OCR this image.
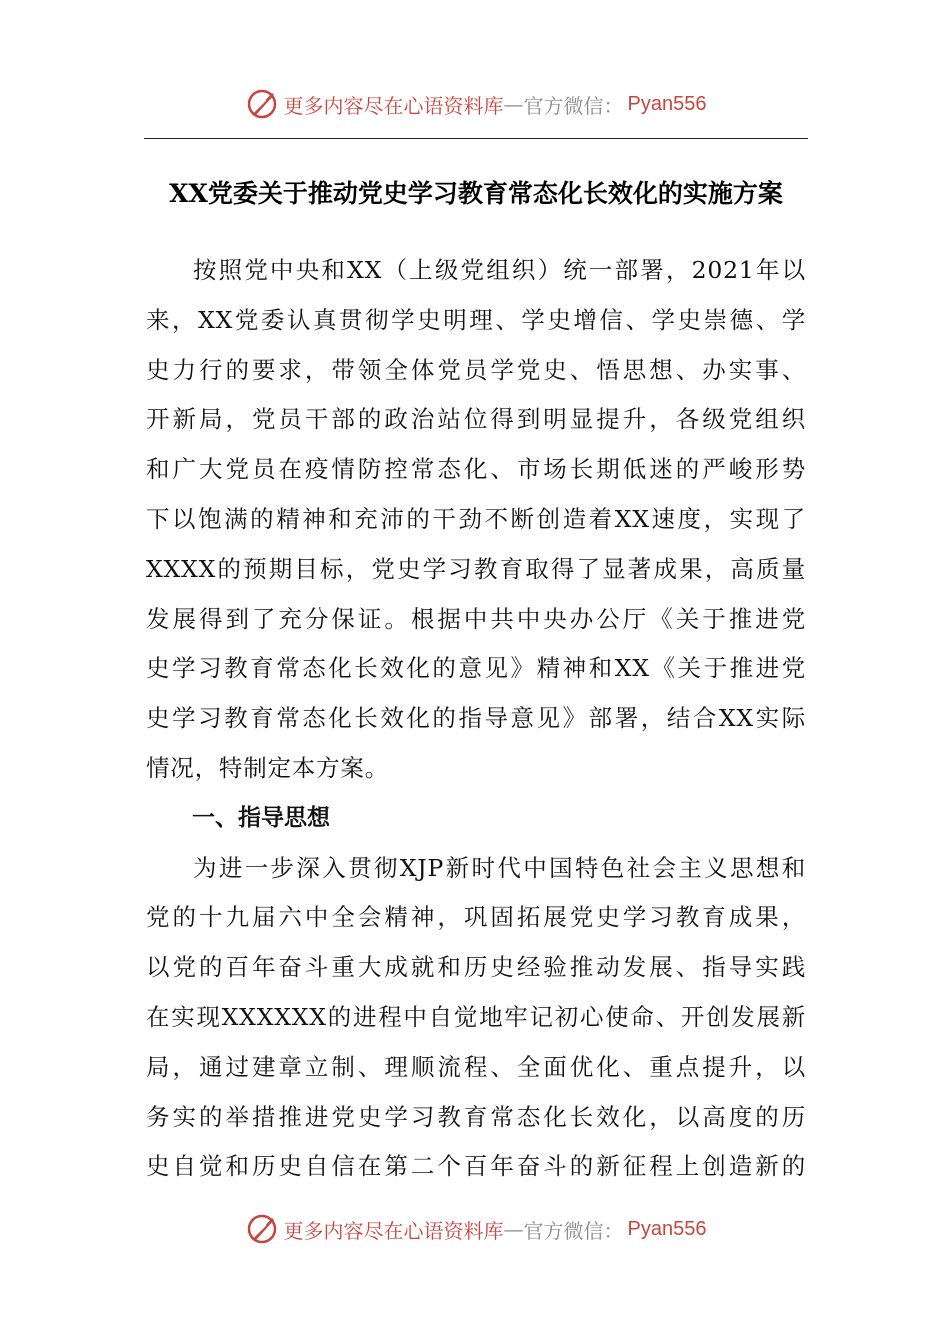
更多内容尽在心语资料库 — 官方微信： Pyan556
XX党委关于推动党史学习教育常态化长效化的实施方案

按照党中央和XX（上级党组织）统一部署，2021年以
来，XX党委认真贯彻学史明理、学史增信、学史崇德、学
史力行的要求，带领全体党员学党史、悟思想、办实事、
开新局，党员干部的政治站位得到明显提升，各级党组织
和广大党员在疫情防控常态化、市场长期低迷的严峻形势
下以饱满的精神和充沛的干劲不断创造着XX速度，实现了
XXXX的预期目标，党史学习教育取得了显著成果，高质量
发展得到了充分保证。根据中共中央办公厅《关于推进党
史学习教育常态化长效化的意见》精神和XX《关于推进党
史学习教育常态化长效化的指导意见》部署，结合XX实际
情况，特制定本方案。

一、指导思想

为进一步深入贯彻XJP新时代中国特色社会主义思想和
党的十九届六中全会精神，巩固拓展党史学习教育成果，
以党的百年奋斗重大成就和历史经验推动发展、指导实践
在实现XXXXXX的进程中自觉地牢记初心使命、开创发展新
局，通过建章立制、理顺流程、全面优化、重点提升，以
务实的举措推进党史学习教育常态化长效化，以高度的历
史自觉和历史自信在第二个百年奋斗的新征程上创造新的

更多内容尽在心语资料库 — 官方微信： Pyan556
